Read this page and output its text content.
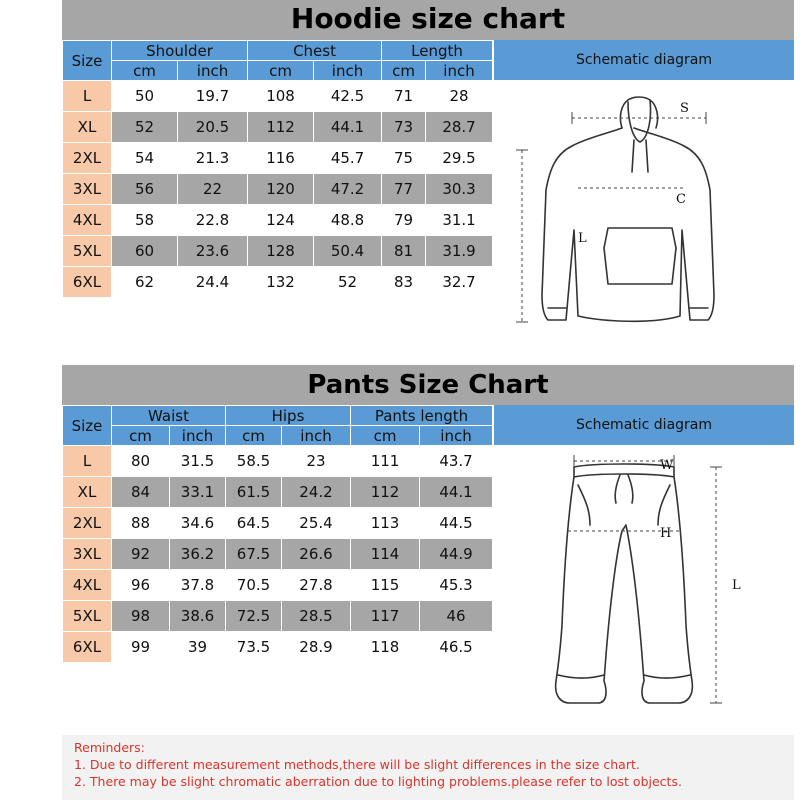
Hoodie size chart
Size	Shoulder		Chest		Length	
	cm	inch	cm	inch	cm	inch
L	50	19.7	108	42.5	71	28
XL	52	20.5	112	44.1	73	28.7
2XL	54	21.3	116	45.7	75	29.5
3XL	56	22	120	47.2	77	30.3
4XL	58	22.8	124	48.8	79	31.1
5XL	60	23.6	128	50.4	81	31.9
6XL	62	24.4	132	52	83	32.7
Schematic diagram
S
C
L
Pants Size Chart
Size	Waist		Hips		Pants length	
	cm	inch	cm	inch	cm	inch
L	80	31.5	58.5	23	111	43.7
XL	84	33.1	61.5	24.2	112	44.1
2XL	88	34.6	64.5	25.4	113	44.5
3XL	92	36.2	67.5	26.6	114	44.9
4XL	96	37.8	70.5	27.8	115	45.3
5XL	98	38.6	72.5	28.5	117	46
6XL	99	39	73.5	28.9	118	46.5
Schematic diagram
W
H
L
Reminders:
1. Due to different measurement methods,there will be slight differences in the size chart.
2. There may be slight chromatic aberration due to lighting problems.please refer to lost objects.
